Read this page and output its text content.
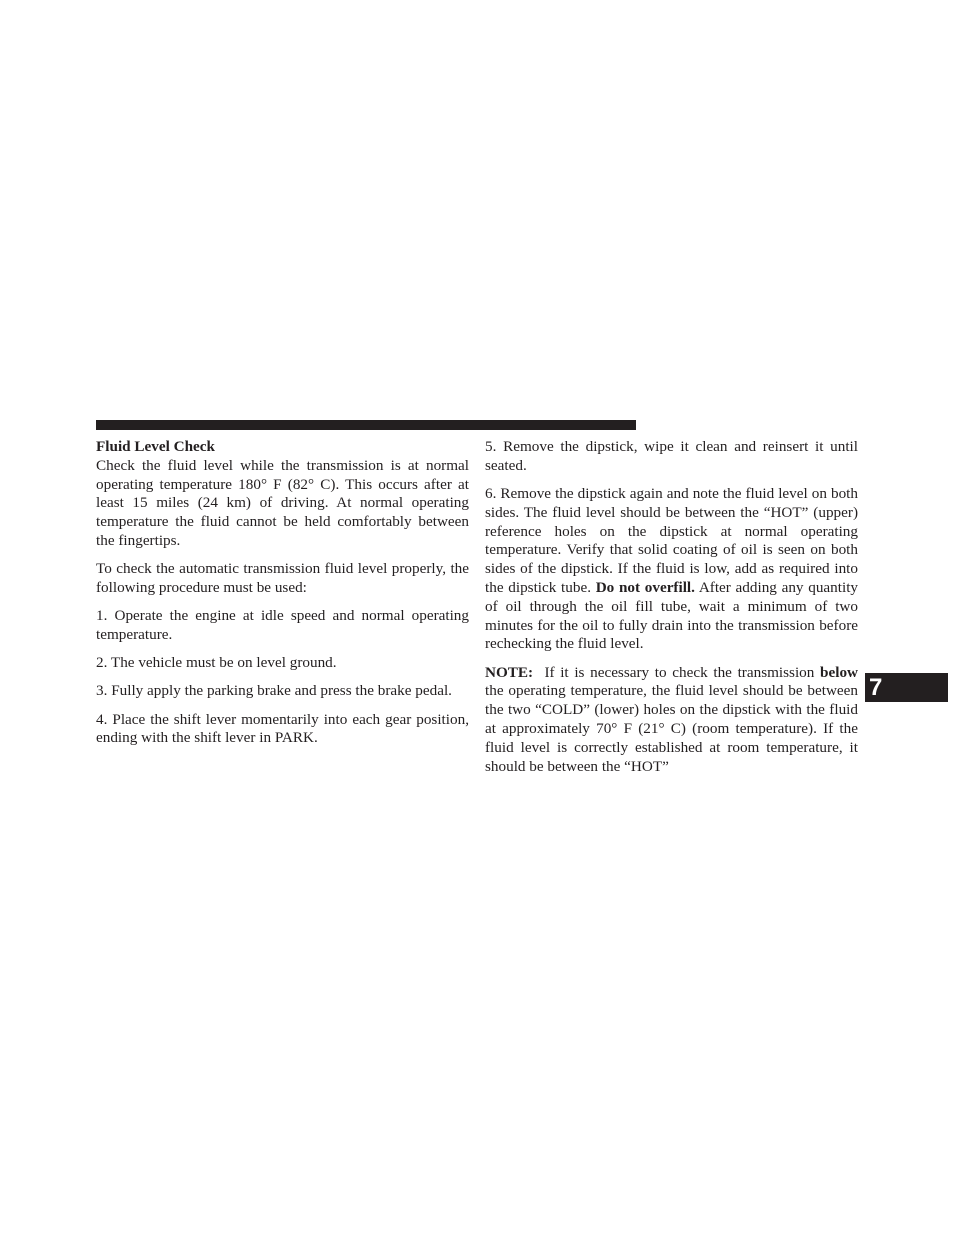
Fluid Level Check
Check the fluid level while the transmission is at normal operating temperature 180° F (82° C). This occurs after at least 15 miles (24 km) of driving. At normal operating temperature the fluid cannot be held comfortably between the fingertips.

To check the automatic transmission fluid level properly, the following procedure must be used:

1. Operate the engine at idle speed and normal operating temperature.

2. The vehicle must be on level ground.

3. Fully apply the parking brake and press the brake pedal.

4. Place the shift lever momentarily into each gear position, ending with the shift lever in PARK.

5. Remove the dipstick, wipe it clean and reinsert it until seated.

6. Remove the dipstick again and note the fluid level on both sides. The fluid level should be between the “HOT” (upper) reference holes on the dipstick at normal operating temperature. Verify that solid coating of oil is seen on both sides of the dipstick. If the fluid is low, add as required into the dipstick tube. Do not overfill. After adding any quantity of oil through the oil fill tube, wait a minimum of two minutes for the oil to fully drain into the transmission before rechecking the fluid level.

NOTE:  If it is necessary to check the transmission below the operating temperature, the fluid level should be between the two “COLD” (lower) holes on the dipstick with the fluid at approximately 70° F (21° C) (room temperature). If the fluid level is correctly established at room temperature, it should be between the “HOT”

7
